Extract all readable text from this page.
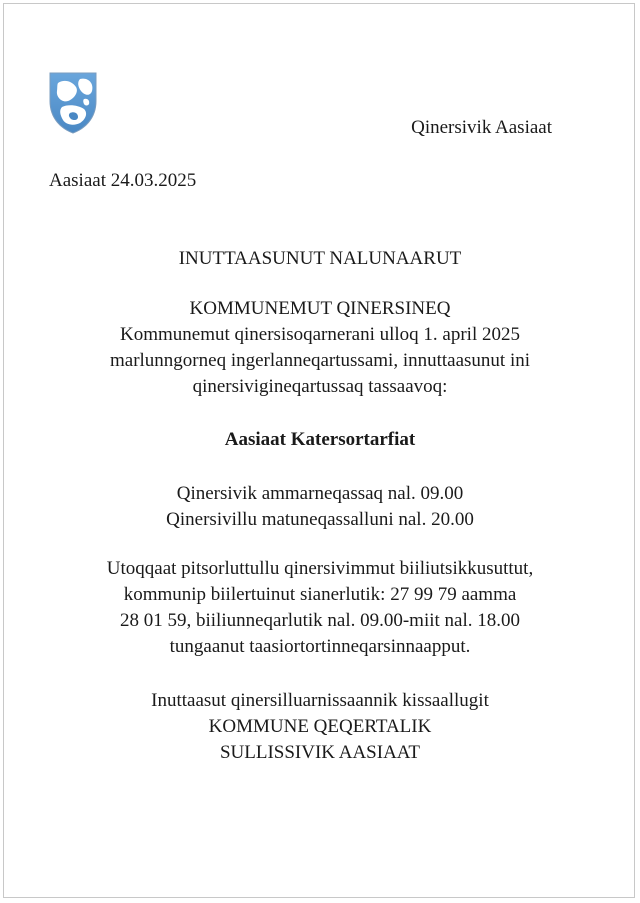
Qinersivik Aasiaat
Aasiaat 24.03.2025
INUTTAASUNUT NALUNAARUT
KOMMUNEMUT QINERSINEQ
Kommunemut qinersisoqarnerani ulloq 1. april 2025
marlunngorneq ingerlanneqartussami, innuttaasunut ini
qinersivigineqartussaq tassaavoq:
Aasiaat Katersortarfiat
Qinersivik ammarneqassaq nal. 09.00
Qinersivillu matuneqassalluni nal. 20.00
Utoqqaat pitsorluttullu qinersivimmut biiliutsikkusuttut,
kommunip biilertuinut sianerlutik: 27 99 79 aamma
28 01 59, biiliunneqarlutik nal. 09.00-miit nal. 18.00
tungaanut taasiortortinneqarsinnaapput.
Inuttaasut qinersilluarnissaannik kissaallugit
KOMMUNE QEQERTALIK
SULLISSIVIK AASIAAT
